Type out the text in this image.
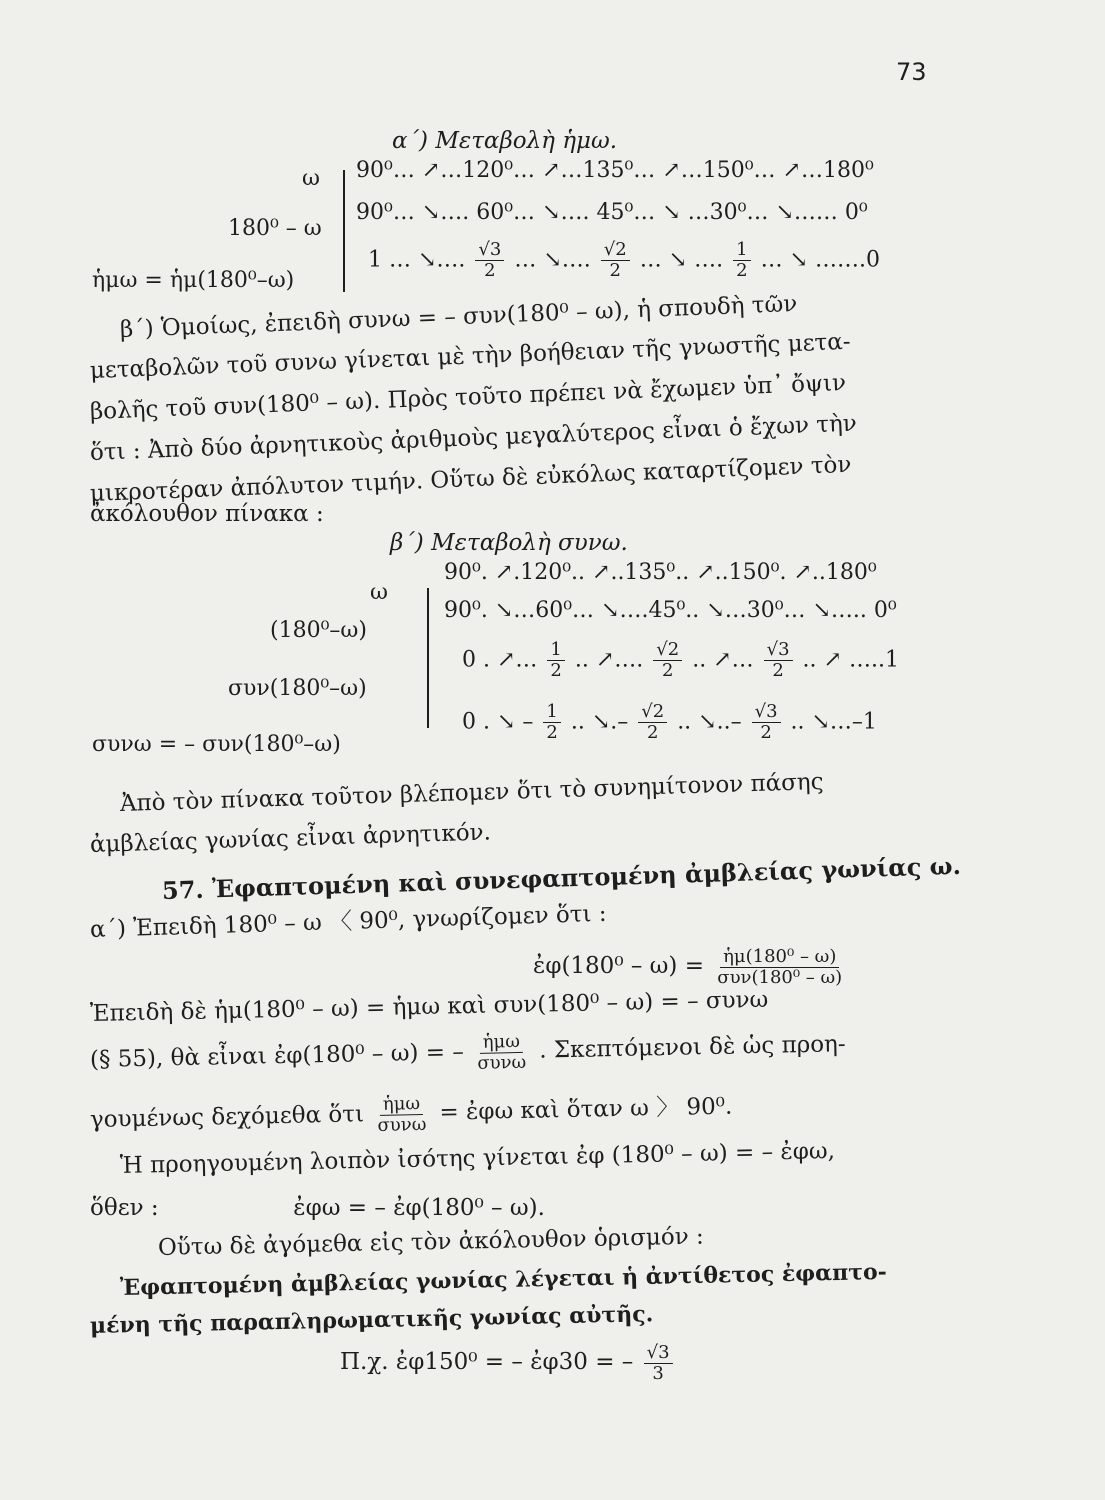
73
α΄) Μεταβολὴ ἡμω.
ω
180⁰ – ω
ἡμω = ἡμ(180⁰–ω)
90⁰… ↗…120⁰… ↗…135⁰… ↗…150⁰… ↗…180⁰
90⁰… ↘…. 60⁰… ↘…. 45⁰… ↘ …30⁰… ↘…… 0⁰
1 … ↘…. $\frac{√3}{2}$ … ↘…. $\frac{√2}{2}$ … ↘ …. $\frac{1}{2}$ … ↘ …….0
β΄) Ὁμοίως, ἐπειδὴ συνω = – συν(180⁰ – ω), ἡ σπουδὴ τῶν
μεταβολῶν τοῦ συνω γίνεται μὲ τὴν βοήθειαν τῆς γνωστῆς μετα-
βολῆς τοῦ συν(180⁰ – ω). Πρὸς τοῦτο πρέπει νὰ ἔχωμεν ὑπ᾽ ὄψιν
ὅτι : Ἀπὸ δύο ἀρνητικοὺς ἀριθμοὺς μεγαλύτερος εἶναι ὁ ἔχων τὴν
μικροτέραν ἀπόλυτον τιμήν. Οὕτω δὲ εὐκόλως καταρτίζομεν τὸν
ἀκόλουθον πίνακα :
β΄) Μεταβολὴ συνω.
ω
(180⁰–ω)
συν(180⁰–ω)
συνω = – συν(180⁰–ω)
90⁰. ↗.120⁰.. ↗..135⁰.. ↗..150⁰. ↗..180⁰
90⁰. ↘…60⁰… ↘….45⁰.. ↘…30⁰… ↘….. 0⁰
0 . ↗… $\frac{1}{2}$ .. ↗…. $\frac{√2}{2}$ .. ↗… $\frac{√3}{2}$ .. ↗ …..1
0 . ↘ – $\frac{1}{2}$ .. ↘.– $\frac{√2}{2}$ .. ↘..– $\frac{√3}{2}$ .. ↘…–1
Ἀπὸ τὸν πίνακα τοῦτον βλέπομεν ὅτι τὸ συνημίτονον πάσης
ἀμβλείας γωνίας εἶναι ἀρνητικόν.
57. Ἐφαπτομένη καὶ συνεφαπτομένη ἀμβλείας γωνίας ω.
α΄) Ἐπειδὴ 180⁰ – ω 〈 90⁰, γνωρίζομεν ὅτι :
ἐφ(180⁰ – $\omega) = \frac{\text{ἡμ(180⁰ – ω)}}{\text{συν(180⁰ – ω)}}$
Ἐπειδὴ δὲ ἡμ(180⁰ – ω) = ἡμω καὶ συν(180⁰ – ω) = – συνω
(§ 55), θὰ εἶναι ἐφ(180⁰ – ω) = – $\frac{\text{ἡμω}}{\text{συνω}}$ . Σκεπτόμενοι δὲ ὡς προη-
γουμένως δεχόμεθα ὅτι $\frac{\text{ἡμω}}{\text{συνω}}$ = ἐφω καὶ ὅταν ω 〉 90⁰.
Ἡ προηγουμένη λοιπὸν ἰσότης γίνεται ἐφ (180⁰ – ω) = – ἐφω,
ὅθεν :	ἐφω = – ἐφ(180⁰ – ω).
Οὕτω δὲ ἀγόμεθα εἰς τὸν ἀκόλουθον ὁρισμόν :
Ἐφαπτομένη ἀμβλείας γωνίας λέγεται ἡ ἀντίθετος ἐφαπτο-
μένη τῆς παραπληρωματικῆς γωνίας αὐτῆς.
Π.χ. ἐφ150⁰ = – ἐφ30 = – $\frac{√3}{3}$
